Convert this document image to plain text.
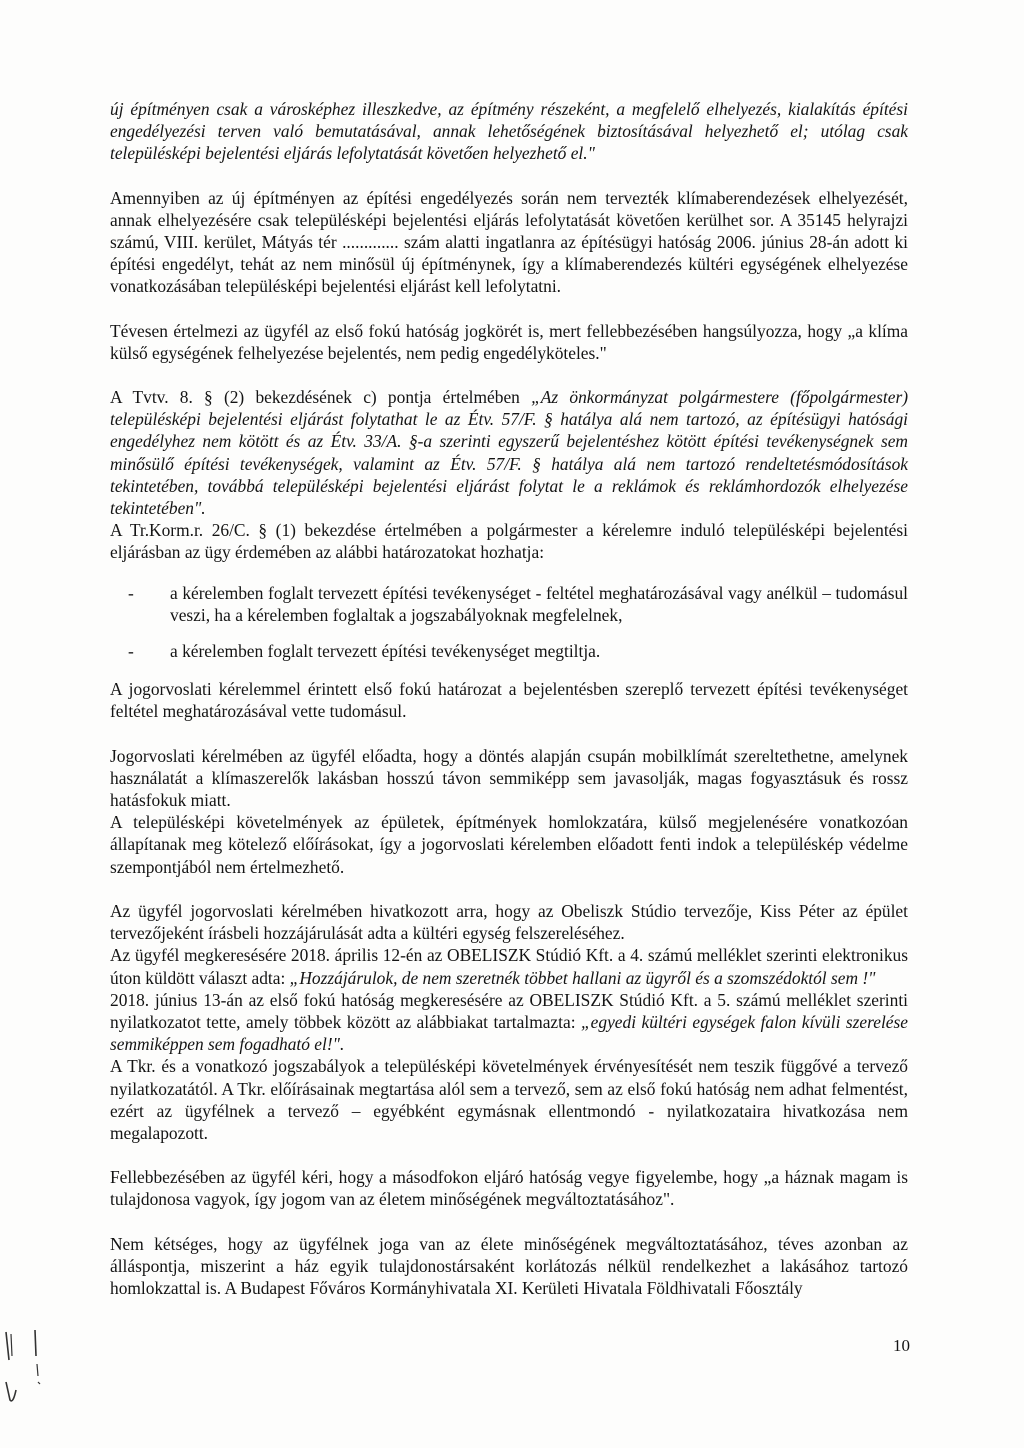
új építményen csak a városképhez illeszkedve, az építmény részeként, a megfelelő elhelyezés, kialakítás építési engedélyezési terven való bemutatásával, annak lehetőségének biztosításával helyezhető el; utólag csak településképi bejelentési eljárás lefolytatását követően helyezhető el."

Amennyiben az új építményen az építési engedélyezés során nem tervezték klímaberendezések elhelyezését, annak elhelyezésére csak településképi bejelentési eljárás lefolytatását követően kerülhet sor. A 35145 helyrajzi számú, VIII. kerület, Mátyás tér ............. szám alatti ingatlanra az építésügyi hatóság 2006. június 28-án adott ki építési engedélyt, tehát az nem minősül új építménynek, így a klímaberendezés kültéri egységének elhelyezése vonatkozásában településképi bejelentési eljárást kell lefolytatni.

Tévesen értelmezi az ügyfél az első fokú hatóság jogkörét is, mert fellebbezésében hangsúlyozza, hogy „a klíma külső egységének felhelyezése bejelentés, nem pedig engedélyköteles."

A Tvtv. 8. § (2) bekezdésének c) pontja értelmében „Az önkormányzat polgármestere (főpolgármester) településképi bejelentési eljárást folytathat le az Étv. 57/F. § hatálya alá nem tartozó, az építésügyi hatósági engedélyhez nem kötött és az Étv. 33/A. §-a szerinti egyszerű bejelentéshez kötött építési tevékenységnek sem minősülő építési tevékenységek, valamint az Étv. 57/F. § hatálya alá nem tartozó rendeltetésmódosítások tekintetében, továbbá településképi bejelentési eljárást folytat le a reklámok és reklámhordozók elhelyezése tekintetében".

A Tr.Korm.r. 26/C. § (1) bekezdése értelmében a polgármester a kérelemre induló településképi bejelentési eljárásban az ügy érdemében az alábbi határozatokat hozhatja:

- a kérelemben foglalt tervezett építési tevékenységet - feltétel meghatározásával vagy anélkül – tudomásul veszi, ha a kérelemben foglaltak a jogszabályoknak megfelelnek,
- a kérelemben foglalt tervezett építési tevékenységet megtiltja.

A jogorvoslati kérelemmel érintett első fokú határozat a bejelentésben szereplő tervezett építési tevékenységet feltétel meghatározásával vette tudomásul.

Jogorvoslati kérelmében az ügyfél előadta, hogy a döntés alapján csupán mobilklímát szereltethetne, amelynek használatát a klímaszerelők lakásban hosszú távon semmiképp sem javasolják, magas fogyasztásuk és rossz hatásfokuk miatt.

A településképi követelmények az épületek, építmények homlokzatára, külső megjelenésére vonatkozóan állapítanak meg kötelező előírásokat, így a jogorvoslati kérelemben előadott fenti indok a településkép védelme szempontjából nem értelmezhető.

Az ügyfél jogorvoslati kérelmében hivatkozott arra, hogy az Obeliszk Stúdio tervezője, Kiss Péter az épület tervezőjeként írásbeli hozzájárulását adta a kültéri egység felszereléséhez.

Az ügyfél megkeresésére 2018. április 12-én az OBELISZK Stúdió Kft. a 4. számú melléklet szerinti elektronikus úton küldött választ adta: „Hozzájárulok, de nem szeretnék többet hallani az ügyről és a szomszédoktól sem !"

2018. június 13-án az első fokú hatóság megkeresésére az OBELISZK Stúdió Kft. a 5. számú melléklet szerinti nyilatkozatot tette, amely többek között az alábbiakat tartalmazta: „egyedi kültéri egységek falon kívüli szerelése semmiképpen sem fogadható el!".

A Tkr. és a vonatkozó jogszabályok a településképi követelmények érvényesítését nem teszik függővé a tervező nyilatkozatától. A Tkr. előírásainak megtartása alól sem a tervező, sem az első fokú hatóság nem adhat felmentést, ezért az ügyfélnek a tervező – egyébként egymásnak ellentmondó - nyilatkozataira hivatkozása nem megalapozott.

Fellebbezésében az ügyfél kéri, hogy a másodfokon eljáró hatóság vegye figyelembe, hogy „a háznak magam is tulajdonosa vagyok, így jogom van az életem minőségének megváltoztatásához".

Nem kétséges, hogy az ügyfélnek joga van az élete minőségének megváltoztatásához, téves azonban az álláspontja, miszerint a ház egyik tulajdonostársaként korlátozás nélkül rendelkezhet a lakásához tartozó homlokzattal is. A Budapest Főváros Kormányhivatala XI. Kerületi Hivatala Földhivatali Főosztály

10
